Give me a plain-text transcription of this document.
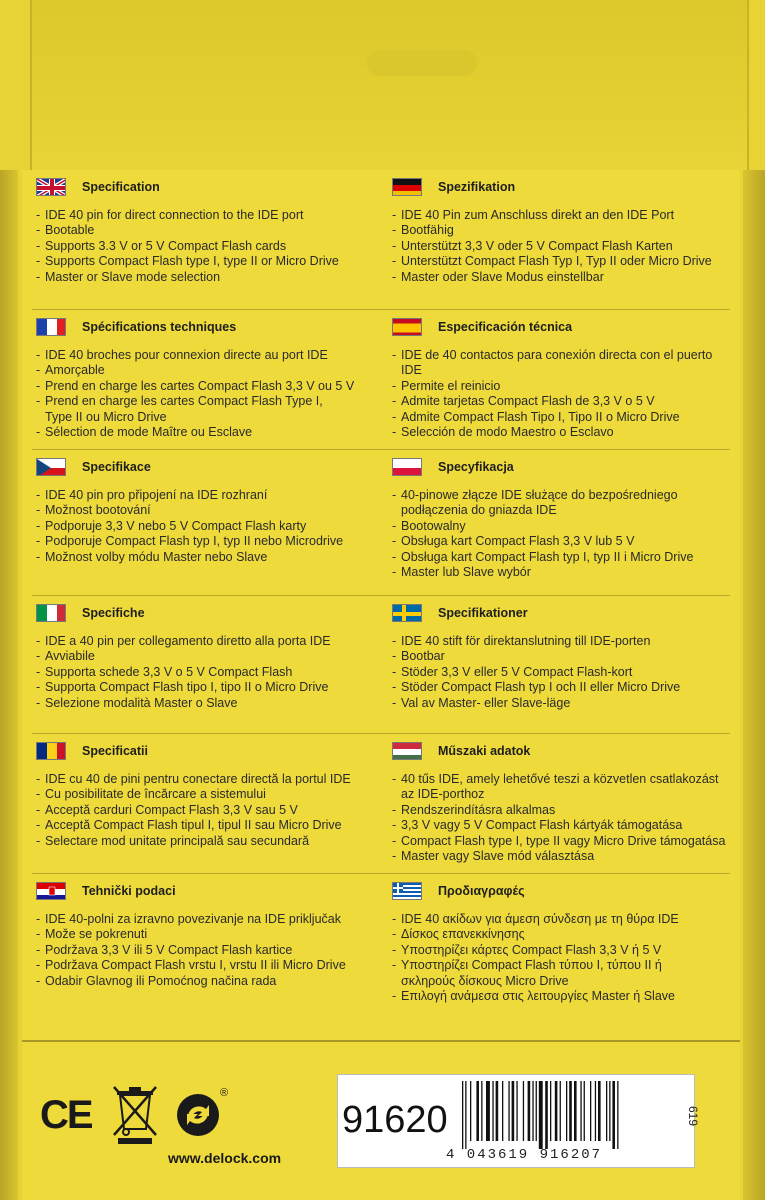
Specification
- IDE 40 pin for direct connection to the IDE port
- Bootable
- Supports 3.3 V or 5 V Compact Flash cards
- Supports Compact Flash type I, type II or Micro Drive
- Master or Slave mode selection
Spezifikation
- IDE 40 Pin zum Anschluss direkt an den IDE Port
- Bootfähig
- Unterstützt 3,3 V oder 5 V Compact Flash Karten
- Unterstützt Compact Flash Typ I, Typ II oder Micro Drive
- Master oder Slave Modus einstellbar
Spécifications techniques
- IDE 40 broches pour connexion directe au port IDE
- Amorçable
- Prend en charge les cartes Compact Flash 3,3 V ou 5 V
- Prend en charge les cartes Compact Flash Type I,
Type II ou Micro Drive
- Sélection de mode Maître ou Esclave
Especificación técnica
- IDE de 40 contactos para conexión directa con el puerto
IDE
- Permite el reinicio
- Admite tarjetas Compact Flash de 3,3 V o 5 V
- Admite Compact Flash Tipo I, Tipo II o Micro Drive
- Selección de modo Maestro o Esclavo
Specifikace
- IDE 40 pin pro připojení na IDE rozhraní
- Možnost bootování
- Podporuje 3,3 V nebo 5 V Compact Flash karty
- Podporuje Compact Flash typ I, typ II nebo Microdrive
- Možnost volby módu Master nebo Slave
Specyfikacja
- 40-pinowe złącze IDE służące do bezpośredniego
podłączenia do gniazda IDE
- Bootowalny
- Obsługa kart Compact Flash 3,3 V lub 5 V
- Obsługa kart Compact Flash typ I, typ II i Micro Drive
- Master lub Slave wybór
Specifiche
- IDE a 40 pin per collegamento diretto alla porta IDE
- Avviabile
- Supporta schede 3,3 V o 5 V Compact Flash
- Supporta Compact Flash tipo I, tipo II o Micro Drive
- Selezione modalità Master o Slave
Specifikationer
- IDE 40 stift för direktanslutning till IDE-porten
- Bootbar
- Stöder 3,3 V eller 5 V Compact Flash-kort
- Stöder Compact Flash typ I och II eller Micro Drive
- Val av Master- eller Slave-läge
Specificatii
- IDE cu 40 de pini pentru conectare directă la portul IDE
- Cu posibilitate de încărcare a sistemului
- Acceptă carduri Compact Flash 3,3 V sau 5 V
- Acceptă Compact Flash tipul I, tipul II sau Micro Drive
- Selectare mod unitate principală sau secundară
Műszaki adatok
- 40 tűs IDE, amely lehetővé teszi a közvetlen csatlakozást
az IDE-porthoz
- Rendszerindításra alkalmas
- 3,3 V vagy 5 V Compact Flash kártyák támogatása
- Compact Flash type I, type II vagy Micro Drive támogatása
- Master vagy Slave mód választása
Tehnički podaci
- IDE 40-polni za izravno povezivanje na IDE priključak
- Može se pokrenuti
- Podržava 3,3 V ili 5 V Compact Flash kartice
- Podržava Compact Flash vrstu I, vrstu II ili Micro Drive
- Odabir Glavnog ili Pomoćnog načina rada
Προδιαγραφές
- IDE 40 ακίδων για άμεση σύνδεση με τη θύρα IDE
- Δίσκος επανεκκίνησης
- Υποστηρίζει κάρτες Compact Flash 3,3 V ή 5 V
- Υποστηρίζει Compact Flash τύπου I, τύπου II ή
σκληρούς δίσκους Micro Drive
- Επιλογή ανάμεσα στις λειτουργίες Master ή Slave
CE	®
www.delock.com
91620
4 043619 916207
619
